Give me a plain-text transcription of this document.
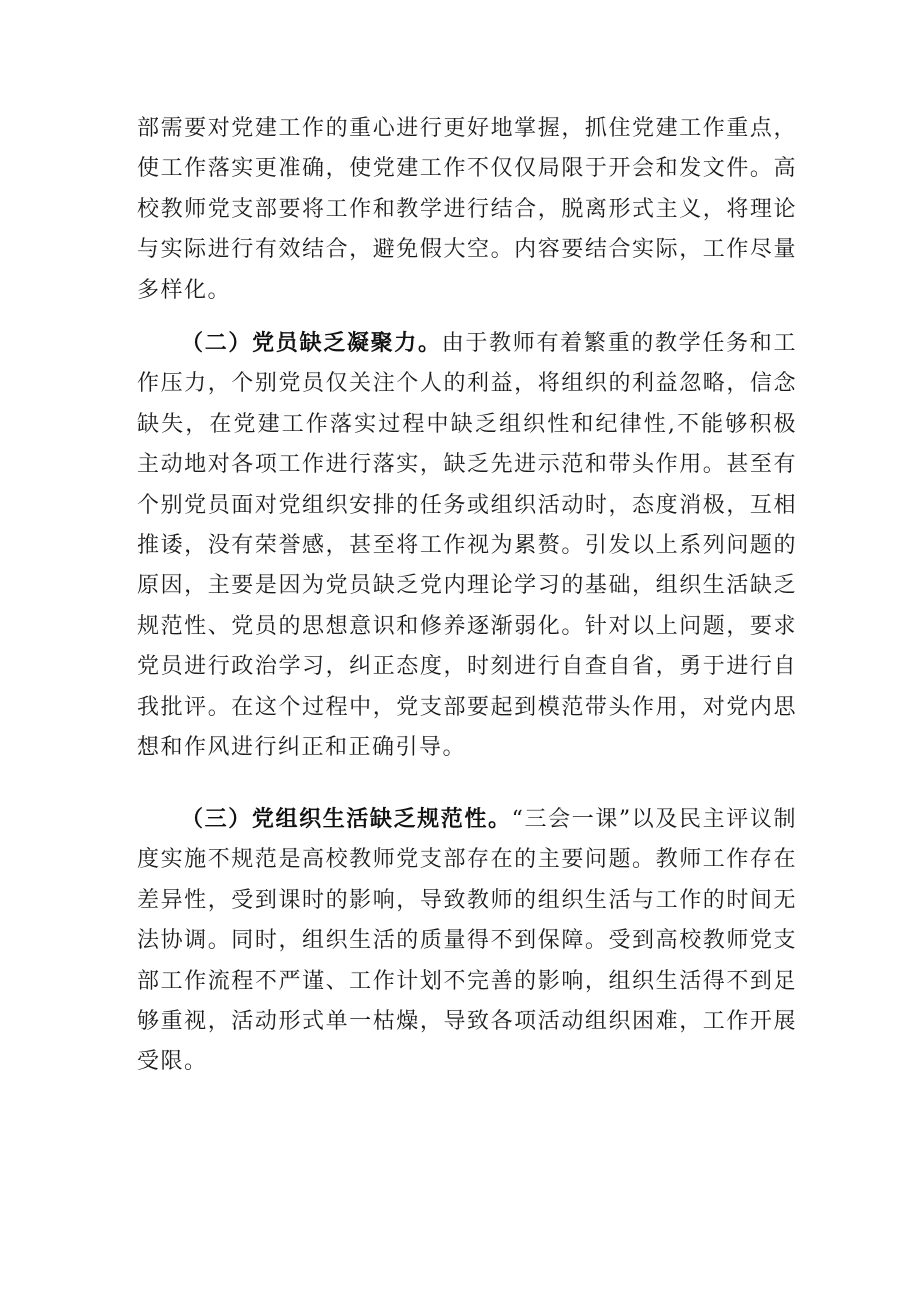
部需要对党建工作的重心进行更好地掌握，抓住党建工作重点，使工作落实更准确，使党建工作不仅仅局限于开会和发文件。高校教师党支部要将工作和教学进行结合，脱离形式主义，将理论与实际进行有效结合，避免假大空。内容要结合实际，工作尽量多样化。

（二）党员缺乏凝聚力。由于教师有着繁重的教学任务和工作压力，个别党员仅关注个人的利益，将组织的利益忽略，信念缺失，在党建工作落实过程中缺乏组织性和纪律性,不能够积极主动地对各项工作进行落实，缺乏先进示范和带头作用。甚至有个别党员面对党组织安排的任务或组织活动时，态度消极，互相推诿，没有荣誉感，甚至将工作视为累赘。引发以上系列问题的原因，主要是因为党员缺乏党内理论学习的基础，组织生活缺乏规范性、党员的思想意识和修养逐渐弱化。针对以上问题，要求党员进行政治学习，纠正态度，时刻进行自查自省，勇于进行自我批评。在这个过程中，党支部要起到模范带头作用，对党内思想和作风进行纠正和正确引导。

（三）党组织生活缺乏规范性。“三会一课”以及民主评议制度实施不规范是高校教师党支部存在的主要问题。教师工作存在差异性，受到课时的影响，导致教师的组织生活与工作的时间无法协调。同时，组织生活的质量得不到保障。受到高校教师党支部工作流程不严谨、工作计划不完善的影响，组织生活得不到足够重视，活动形式单一枯燥，导致各项活动组织困难，工作开展受限。
